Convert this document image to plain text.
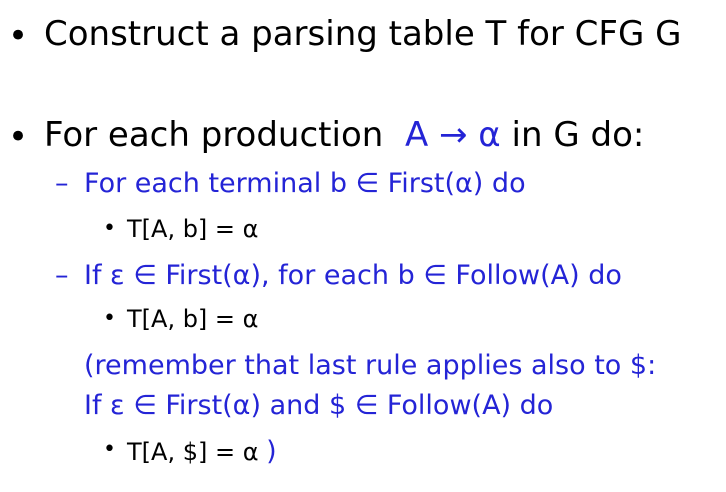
• Construct a parsing table T for CFG G
• For each production A → α in G do:
– For each terminal b ∈ First(α) do
• T[A, b] = α
– If ε ∈ First(α), for each b ∈ Follow(A) do
• T[A, b] = α
(remember that last rule applies also to $:
If ε ∈ First(α) and $ ∈ Follow(A) do
• T[A, $] = α )
